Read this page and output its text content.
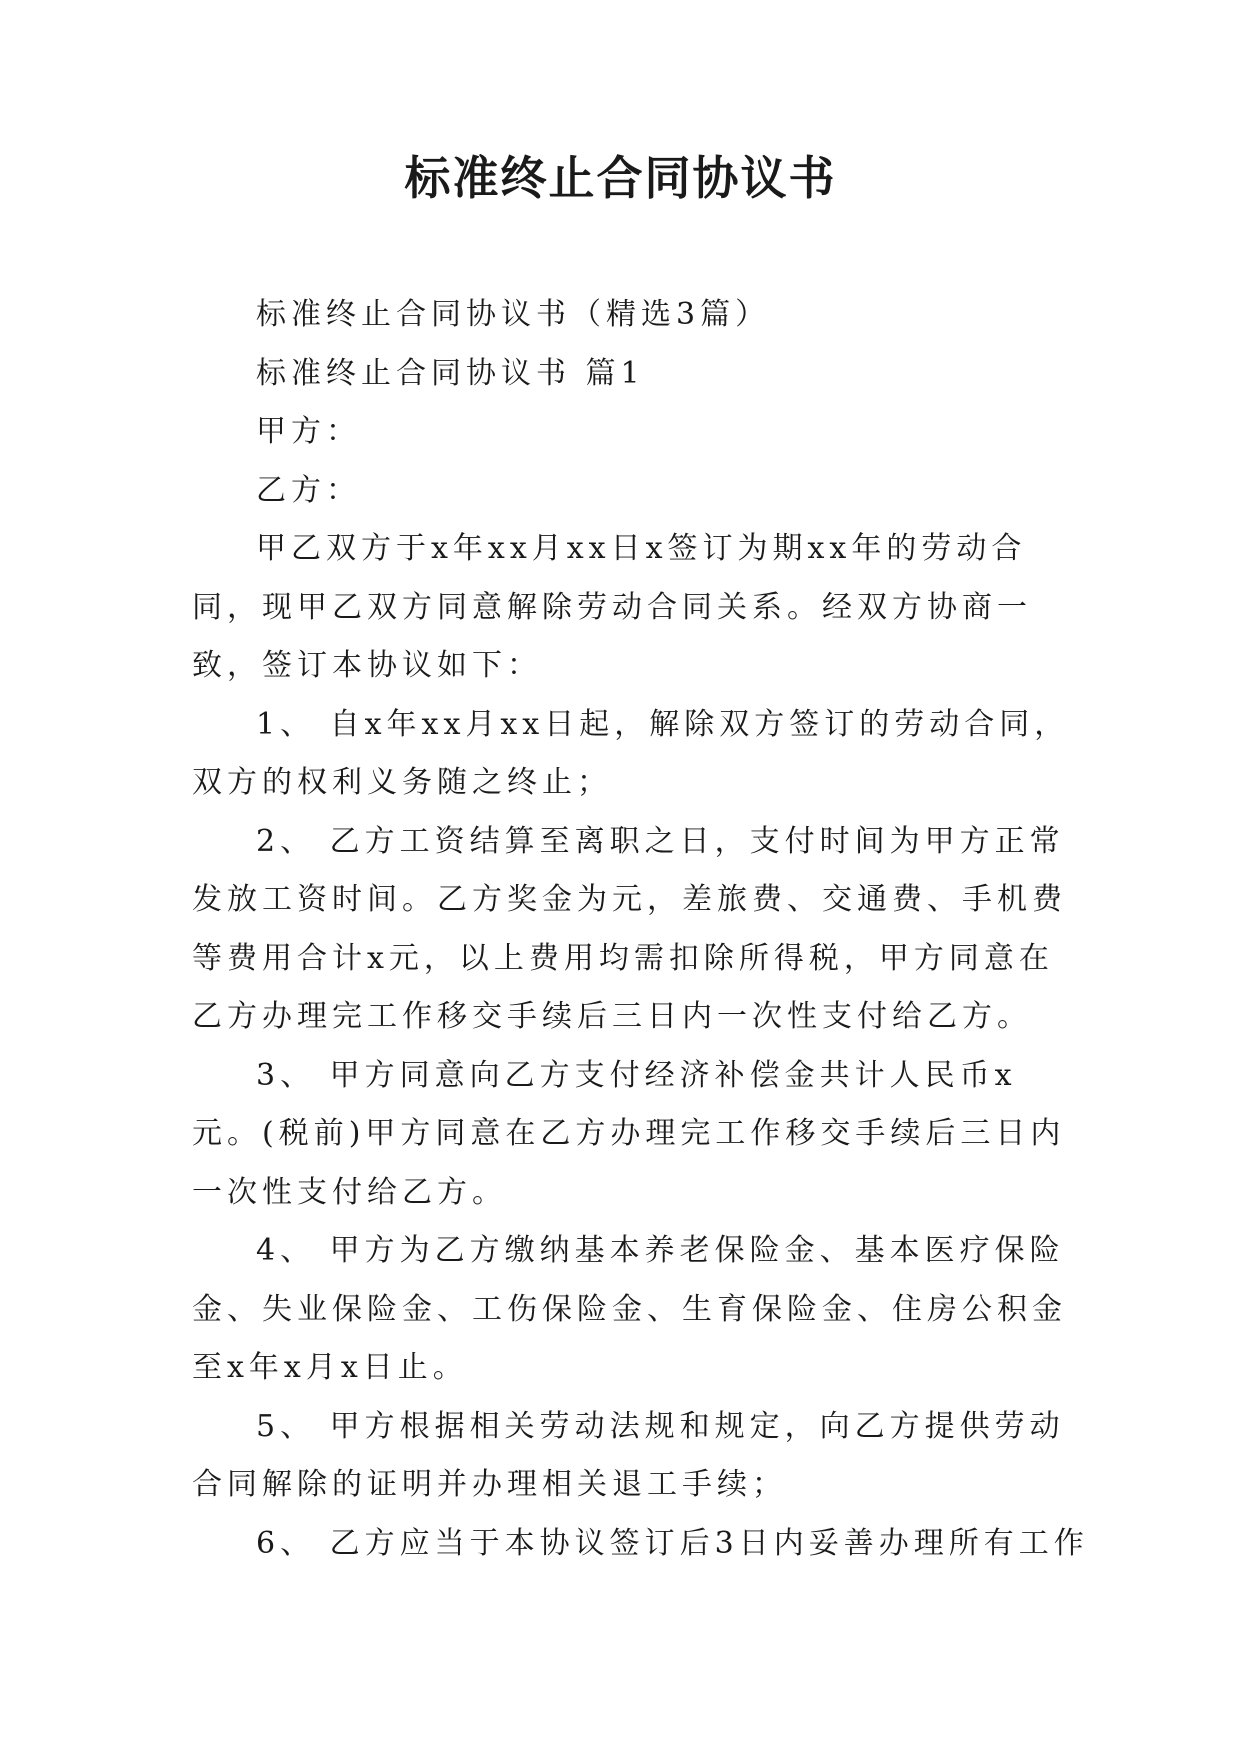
标准终止合同协议书

标准终止合同协议书（精选3篇）

标准终止合同协议书 篇1

甲方：

乙方：

甲乙双方于x年xx月xx日x签订为期xx年的劳动合同，现甲乙双方同意解除劳动合同关系。经双方协商一致，签订本协议如下：

1、 自x年xx月xx日起，解除双方签订的劳动合同，双方的权利义务随之终止；

2、 乙方工资结算至离职之日，支付时间为甲方正常发放工资时间。乙方奖金为元，差旅费、交通费、手机费等费用合计x元，以上费用均需扣除所得税，甲方同意在乙方办理完工作移交手续后三日内一次性支付给乙方。

3、 甲方同意向乙方支付经济补偿金共计人民币x元。(税前)甲方同意在乙方办理完工作移交手续后三日内一次性支付给乙方。

4、 甲方为乙方缴纳基本养老保险金、基本医疗保险金、失业保险金、工伤保险金、生育保险金、住房公积金至x年x月x日止。

5、 甲方根据相关劳动法规和规定，向乙方提供劳动合同解除的证明并办理相关退工手续；

6、 乙方应当于本协议签订后3日内妥善办理所有工作
